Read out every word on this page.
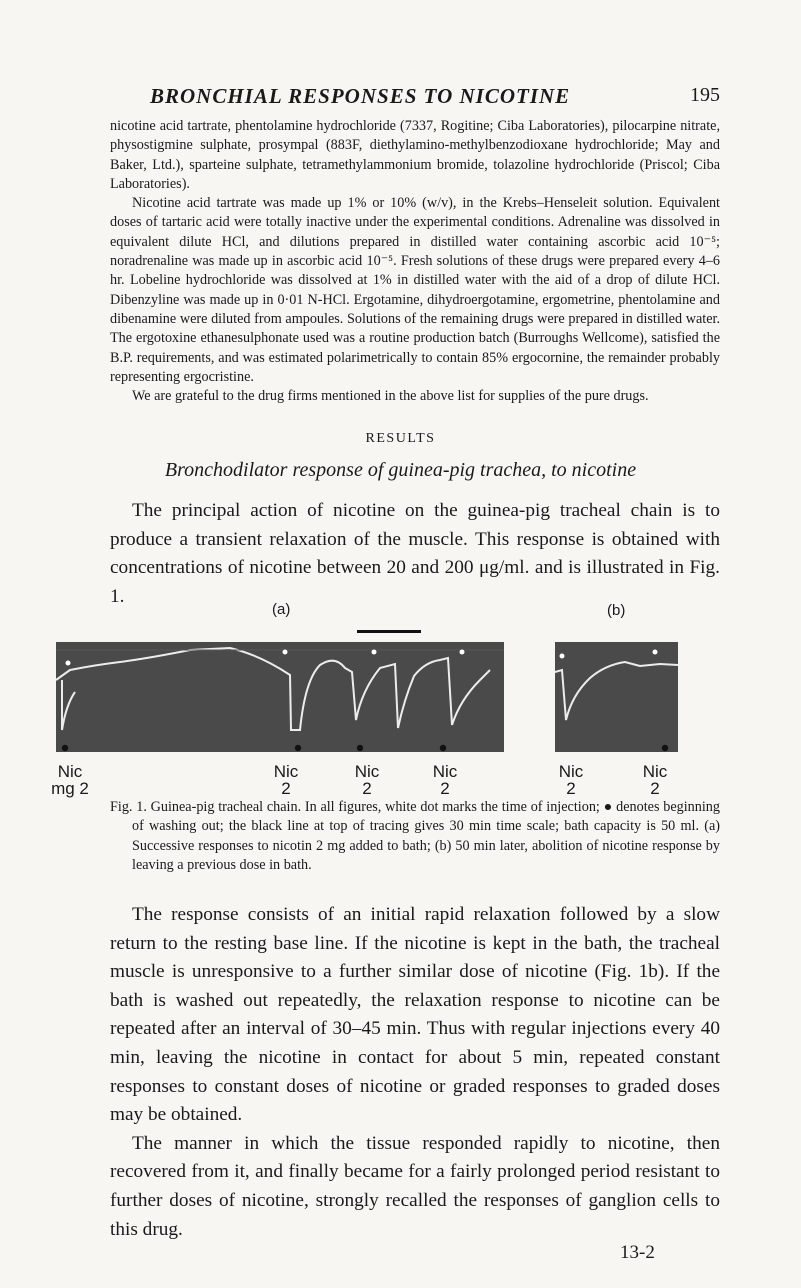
BRONCHIAL RESPONSES TO NICOTINE	195

nicotine acid tartrate, phentolamine hydrochloride (7337, Rogitine; Ciba Laboratories), pilocarpine nitrate, physostigmine sulphate, prosympal (883F, diethylamino-methylbenzodioxane hydrochloride; May and Baker, Ltd.), sparteine sulphate, tetramethylammonium bromide, tolazoline hydrochloride (Priscol; Ciba Laboratories).

Nicotine acid tartrate was made up 1% or 10% (w/v), in the Krebs–Henseleit solution. Equivalent doses of tartaric acid were totally inactive under the experimental conditions. Adrenaline was dissolved in equivalent dilute HCl, and dilutions prepared in distilled water containing ascorbic acid 10⁻⁵; noradrenaline was made up in ascorbic acid 10⁻⁵. Fresh solutions of these drugs were prepared every 4–6 hr. Lobeline hydrochloride was dissolved at 1% in distilled water with the aid of a drop of dilute HCl. Dibenzyline was made up in 0·01 N-HCl. Ergotamine, dihydroergotamine, ergometrine, phentolamine and dibenamine were diluted from ampoules. Solutions of the remaining drugs were prepared in distilled water. The ergotoxine ethanesulphonate used was a routine production batch (Burroughs Wellcome), satisfied the B.P. requirements, and was estimated polarimetrically to contain 85% ergocornine, the remainder probably representing ergocristine.

We are grateful to the drug firms mentioned in the above list for supplies of the pure drugs.

RESULTS
Bronchodilator response of guinea-pig trachea, to nicotine

The principal action of nicotine on the guinea-pig tracheal chain is to produce a transient relaxation of the muscle. This response is obtained with concentrations of nicotine between 20 and 200 μg/ml. and is illustrated in Fig. 1.

(a)	(b)
Nic
mg 2
Nic
2
Nic
2
Nic
2
Nic
2
Nic
2
Fig. 1. Guinea-pig tracheal chain. In all figures, white dot marks the time of injection; ● denotes beginning of washing out; the black line at top of tracing gives 30 min time scale; bath capacity is 50 ml. (a) Successive responses to nicotin 2 mg added to bath; (b) 50 min later, abolition of nicotine response by leaving a previous dose in bath.

The response consists of an initial rapid relaxation followed by a slow return to the resting base line. If the nicotine is kept in the bath, the tracheal muscle is unresponsive to a further similar dose of nicotine (Fig. 1b). If the bath is washed out repeatedly, the relaxation response to nicotine can be repeated after an interval of 30–45 min. Thus with regular injections every 40 min, leaving the nicotine in contact for about 5 min, repeated constant responses to constant doses of nicotine or graded responses to graded doses may be obtained.

The manner in which the tissue responded rapidly to nicotine, then recovered from it, and finally became for a fairly prolonged period resistant to further doses of nicotine, strongly recalled the responses of ganglion cells to this drug.

13-2
